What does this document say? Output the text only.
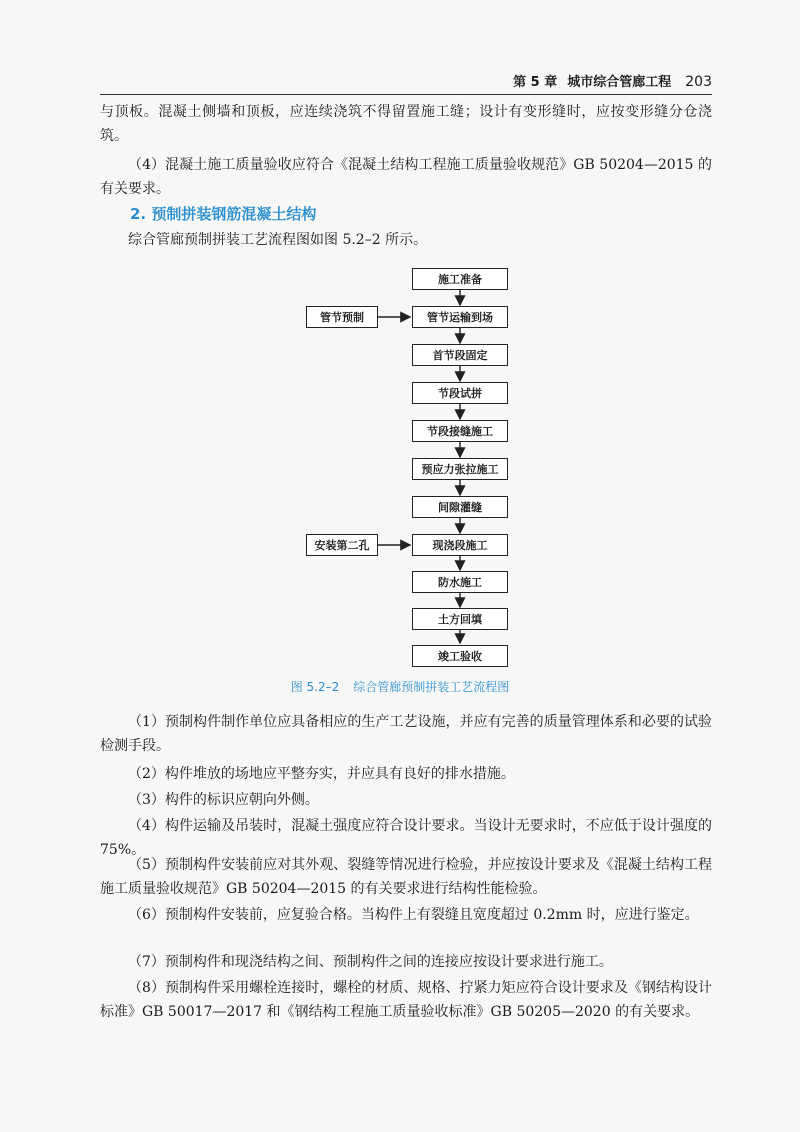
第 5 章 城市综合管廊工程 203

与顶板。混凝土侧墙和顶板，应连续浇筑不得留置施工缝；设计有变形缝时，应按变形缝分仓浇筑。

（4）混凝土施工质量验收应符合《混凝土结构工程施工质量验收规范》GB 50204—2015 的有关要求。

2. 预制拼装钢筋混凝土结构

综合管廊预制拼装工艺流程图如图 5.2–2 所示。

施工准备
管节运输到场
首节段固定
节段试拼
节段接缝施工
预应力张拉施工
间隙灌缝
现浇段施工
防水施工
土方回填
竣工验收
管节预制
安装第二孔
图 5.2–2 综合管廊预制拼装工艺流程图

（1）预制构件制作单位应具备相应的生产工艺设施，并应有完善的质量管理体系和必要的试验检测手段。

（2）构件堆放的场地应平整夯实，并应具有良好的排水措施。

（3）构件的标识应朝向外侧。

（4）构件运输及吊装时，混凝土强度应符合设计要求。当设计无要求时，不应低于设计强度的 75%。

（5）预制构件安装前应对其外观、裂缝等情况进行检验，并应按设计要求及《混凝土结构工程施工质量验收规范》GB 50204—2015 的有关要求进行结构性能检验。

（6）预制构件安装前，应复验合格。当构件上有裂缝且宽度超过 0.2mm 时，应进行鉴定。

（7）预制构件和现浇结构之间、预制构件之间的连接应按设计要求进行施工。

（8）预制构件采用螺栓连接时，螺栓的材质、规格、拧紧力矩应符合设计要求及《钢结构设计标准》GB 50017—2017 和《钢结构工程施工质量验收标准》GB 50205—2020 的有关要求。
